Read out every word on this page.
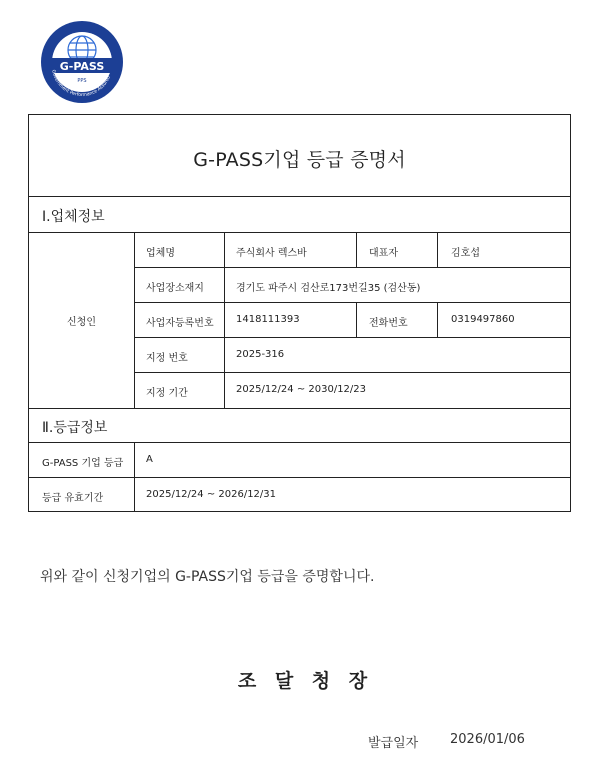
G-PASS
PPS
Government Performance Assured
G-PASS기업 등급 증명서
Ⅰ.업체정보
신청인
업체명	주식회사 렉스바	대표자	김호섭
사업장소재지	경기도 파주시 검산로173번길35 (검산동)
사업자등록번호 1418111393	전화번호	0319497860
지정 번호	2025-316
지정 기간	2025/12/24 ~ 2030/12/23
Ⅱ.등급정보
G-PASS 기업 등급 A
등급 유효기간	2025/12/24 ~ 2026/12/31
위와 같이 신청기업의 G-PASS기업 등급을 증명합니다.
조 달 청 장
발급일자 2026/01/06
